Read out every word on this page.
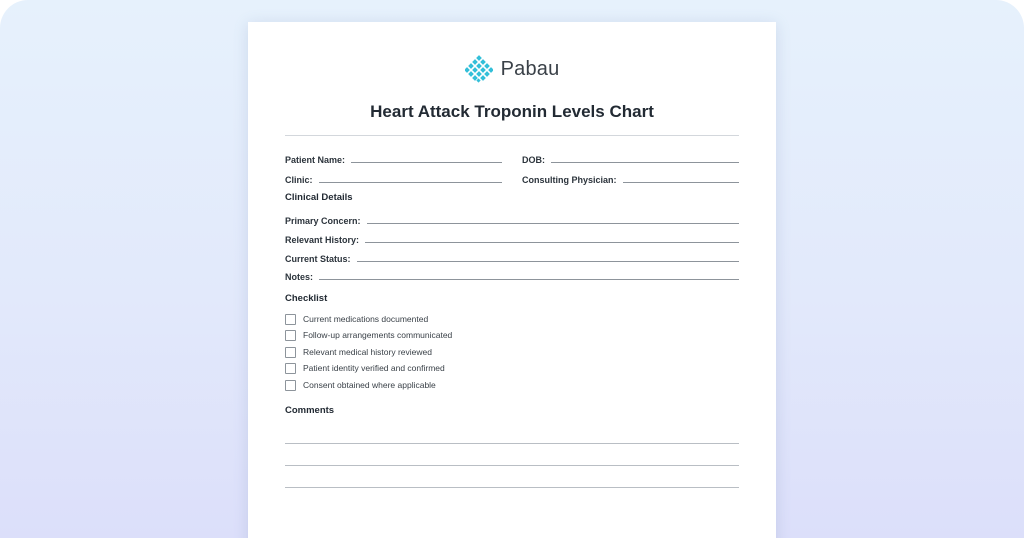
Pabau
Heart Attack Troponin Levels Chart
Patient Name:	DOB:
Clinic:	Consulting Physician:
Clinical Details
Primary Concern:
Relevant History:
Current Status:
Notes:
Checklist
Current medications documented
Follow-up arrangements communicated
Relevant medical history reviewed
Patient identity verified and confirmed
Consent obtained where applicable
Comments
